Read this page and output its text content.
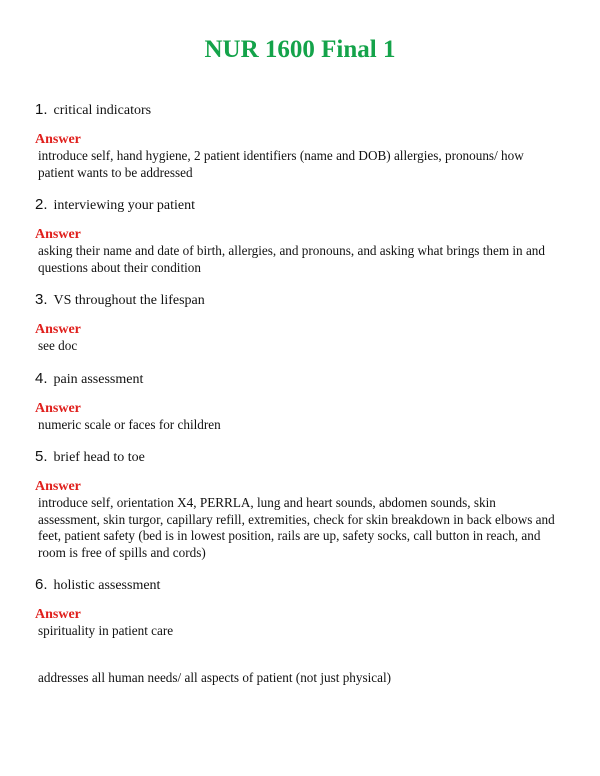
NUR 1600 Final 1
1. critical indicators
Answer
introduce self, hand hygiene, 2 patient identifiers (name and DOB) allergies, pronouns/ how patient wants to be addressed
2. interviewing your patient
Answer
asking their name and date of birth, allergies, and pronouns, and asking what brings them in and questions about their condition
3. VS throughout the lifespan
Answer
see doc
4. pain assessment
Answer
numeric scale or faces for children
5. brief head to toe
Answer
introduce self, orientation X4, PERRLA, lung and heart sounds, abdomen sounds, skin assessment, skin turgor, capillary refill, extremities, check for skin breakdown in back elbows and feet, patient safety (bed is in lowest position, rails are up, safety socks, call button in reach, and room is free of spills and cords)
6. holistic assessment
Answer
spirituality in patient care
addresses all human needs/ all aspects of patient (not just physical)
